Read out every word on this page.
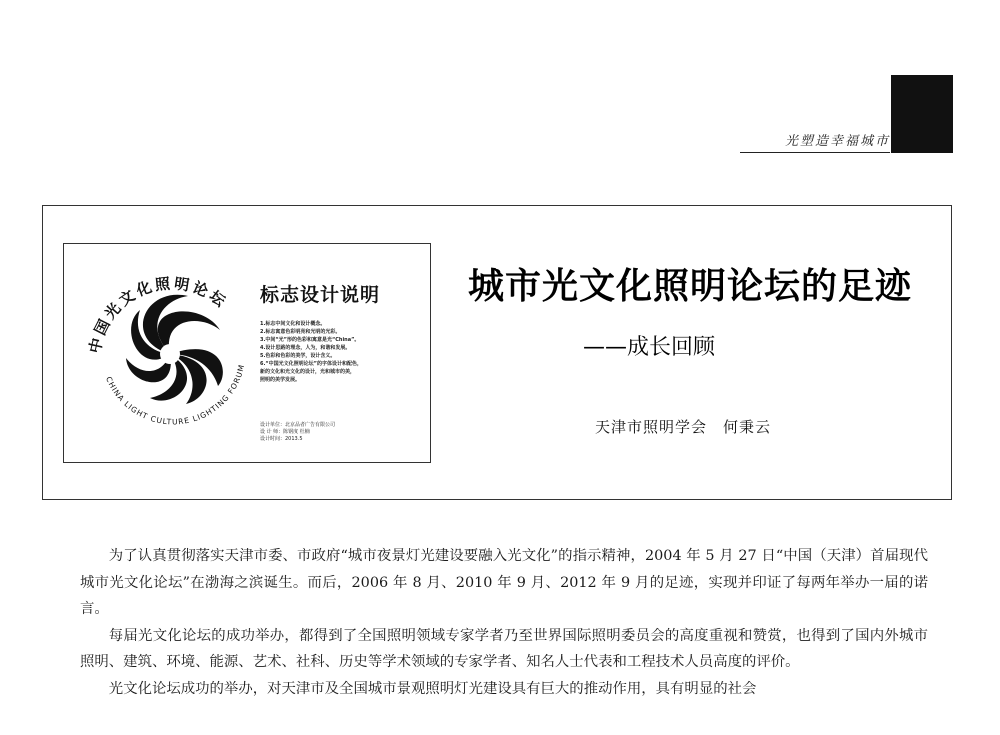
光塑造幸福城市
中国光文化照明论坛
CHINA LIGHT CULTURE LIGHTING FORUM
标志设计说明
1.标志中间文化和设计概念。
2.标志寓意色彩明亮和光明的光彩。
3.中间“光”形的色彩和寓意是光“China”。
4.设计思路的理念，人为，和谐和发展。
5.色彩和色彩的美学，设计含义。
6.“中国光文化照明论坛”的字体设计和配色，
新的文化和光文化的设计，光和城市的美，
照明的美学发展。
设计单位：北京品者广告有限公司
设 计 师：陈钢度 杜楠
设计时间：2013.5
城市光文化照明论坛的足迹
——成长回顾
天津市照明学会　何秉云

为了认真贯彻落实天津市委、市政府“城市夜景灯光建设要融入光文化”的指示精神，2004 年 5 月 27 日“中国（天津）首届现代城市光文化论坛”在渤海之滨诞生。而后，2006 年 8 月、2010 年 9 月、2012 年 9 月的足迹，实现并印证了每两年举办一届的诺言。

每届光文化论坛的成功举办，都得到了全国照明领域专家学者乃至世界国际照明委员会的高度重视和赞赏，也得到了国内外城市照明、建筑、环境、能源、艺术、社科、历史等学术领域的专家学者、知名人士代表和工程技术人员高度的评价。

光文化论坛成功的举办，对天津市及全国城市景观照明灯光建设具有巨大的推动作用，具有明显的社会
